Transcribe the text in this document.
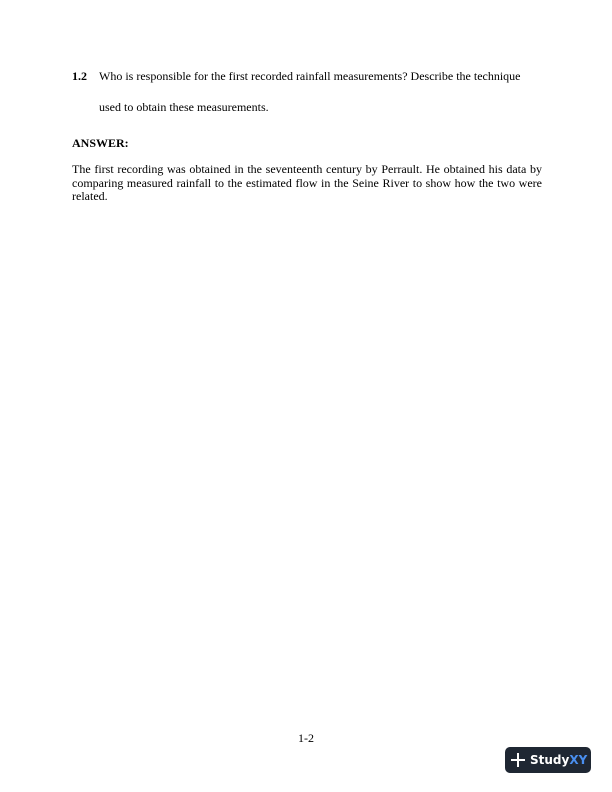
1.2 Who is responsible for the first recorded rainfall measurements? Describe the technique
used to obtain these measurements.
ANSWER:
The first recording was obtained in the seventeenth century by Perrault. He obtained his data by comparing measured rainfall to the estimated flow in the Seine River to show how the two were related.
1-2
StudyXY
